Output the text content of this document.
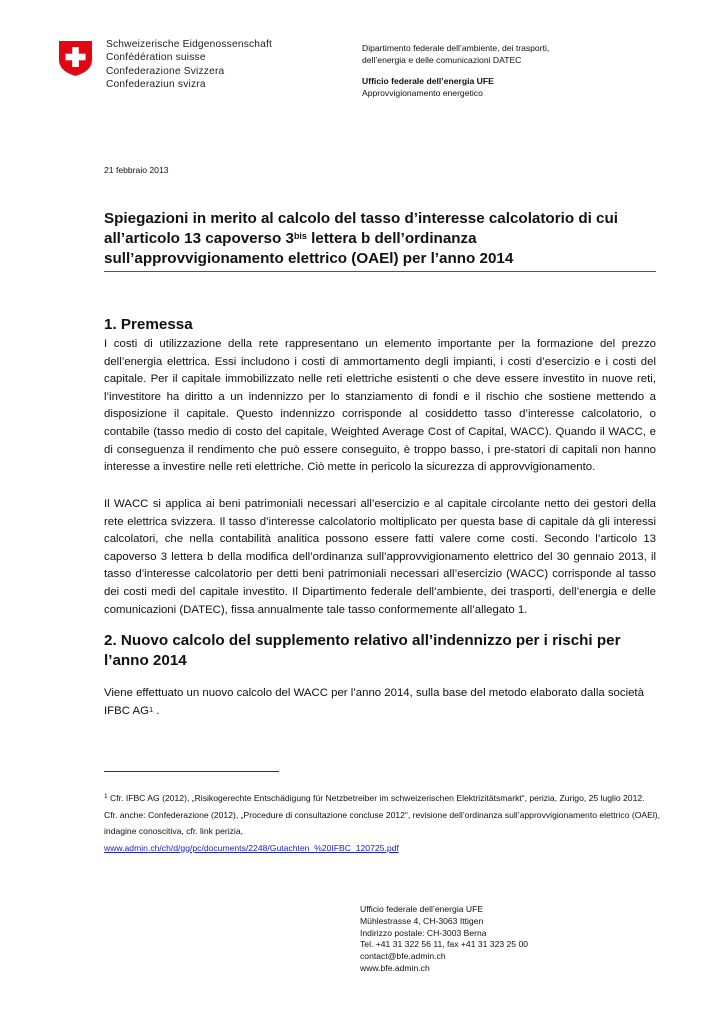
Schweizerische Eidgenossenschaft
Confédération suisse
Confederazione Svizzera
Confederaziun svizra
Dipartimento federale dell’ambiente, dei trasporti,
dell’energia e delle comunicazioni DATEC
Ufficio federale dell’energia UFE
Approvvigionamento energetico
21 febbraio 2013
Spiegazioni in merito al calcolo del tasso d’interesse calcolatorio di cui all’articolo 13 capoverso $3^{bis}$ lettera b dell’ordinanza sull’approvvigionamento elettrico (OAEl) per l’anno 2014
1. Premessa
I costi di utilizzazione della rete rappresentano un elemento importante per la formazione del prezzo dell’energia elettrica. Essi includono i costi di ammortamento degli impianti, i costi d’esercizio e i costi del capitale. Per il capitale immobilizzato nelle reti elettriche esistenti o che deve essere investito in nuove reti, l’investitore ha diritto a un indennizzo per lo stanziamento di fondi e il rischio che sostiene mettendo a disposizione il capitale. Questo indennizzo corrisponde al cosiddetto tasso d’interesse calcolatorio, o contabile (tasso medio di costo del capitale, Weighted Average Cost of Capital, WACC). Quando il WACC, e di conseguenza il rendimento che può essere conseguito, è troppo basso, i pre-statori di capitali non hanno interesse a investire nelle reti elettriche. Ciò mette in pericolo la sicurezza di approvvigionamento.
Il WACC si applica ai beni patrimoniali necessari all’esercizio e al capitale circolante netto dei gestori della rete elettrica svizzera. Il tasso d’interesse calcolatorio moltiplicato per questa base di capitale dà gli interessi calcolatori, che nella contabilità analitica possono essere fatti valere come costi. Secondo l’articolo 13 capoverso 3 lettera b della modifica dell’ordinanza sull’approvvigionamento elettrico del 30 gennaio 2013, il tasso d’interesse calcolatorio per detti beni patrimoniali necessari all’esercizio (WACC) corrisponde al tasso dei costi medi del capitale investito. Il Dipartimento federale dell’ambiente, dei trasporti, dell’energia e delle comunicazioni (DATEC), fissa annualmente tale tasso conformemente all’allegato 1.
2. Nuovo calcolo del supplemento relativo all’indennizzo per i rischi per l’anno 2014
Viene effettuato un nuovo calcolo del WACC per l’anno 2014, sulla base del metodo elaborato dalla società IFBC $AG^1$ .
$^1$ Cfr. IFBC AG (2012), „Risikogerechte Entschädigung für Netzbetreiber im schweizerischen Elektrizitätsmarkt“, perizia, Zurigo, 25 luglio 2012.
Cfr. anche: Confederazione (2012), „Procedure di consultazione concluse 2012“, revisione dell’ordinanza sull’approvvigionamento elettrico (OAEl), indagine conoscitiva, cfr. link perizia,
www.admin.ch/ch/d/gg/pc/documents/2248/Gutachten_%20IFBC_120725.pdf
Ufficio federale dell’energia UFE
Mühlestrasse 4, CH-3063 Ittigen
Indirizzo postale: CH-3003 Berna
Tel. +41 31 322 56 11, fax +41 31 323 25 00
contact@bfe.admin.ch
www.bfe.admin.ch
